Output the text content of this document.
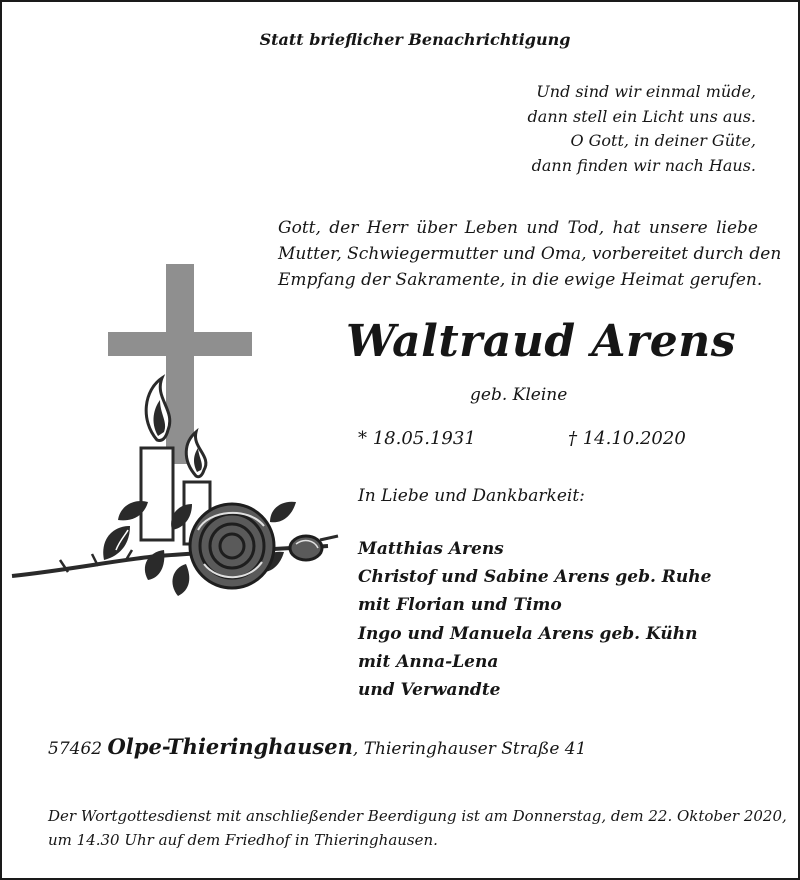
Statt brieflicher Benachrichtigung
Und sind wir einmal müde,
dann stell ein Licht uns aus.
O Gott, in deiner Güte,
dann finden wir nach Haus.
Gott, der Herr über Leben und Tod, hat unsere liebe
Mutter, Schwiegermutter und Oma, vorbereitet durch den
Empfang der Sakramente, in die ewige Heimat gerufen.
Waltraud Arens
geb. Kleine
* 18.05.1931	† 14.10.2020
In Liebe und Dankbarkeit:
Matthias Arens
Christof und Sabine Arens geb. Ruhe
mit Florian und Timo
Ingo und Manuela Arens geb. Kühn
mit Anna-Lena
und Verwandte
57462 Olpe-Thieringhausen, Thieringhauser Straße 41
Der Wortgottesdienst mit anschließender Beerdigung ist am Donnerstag, dem 22. Oktober 2020,
um 14.30 Uhr auf dem Friedhof in Thieringhausen.
